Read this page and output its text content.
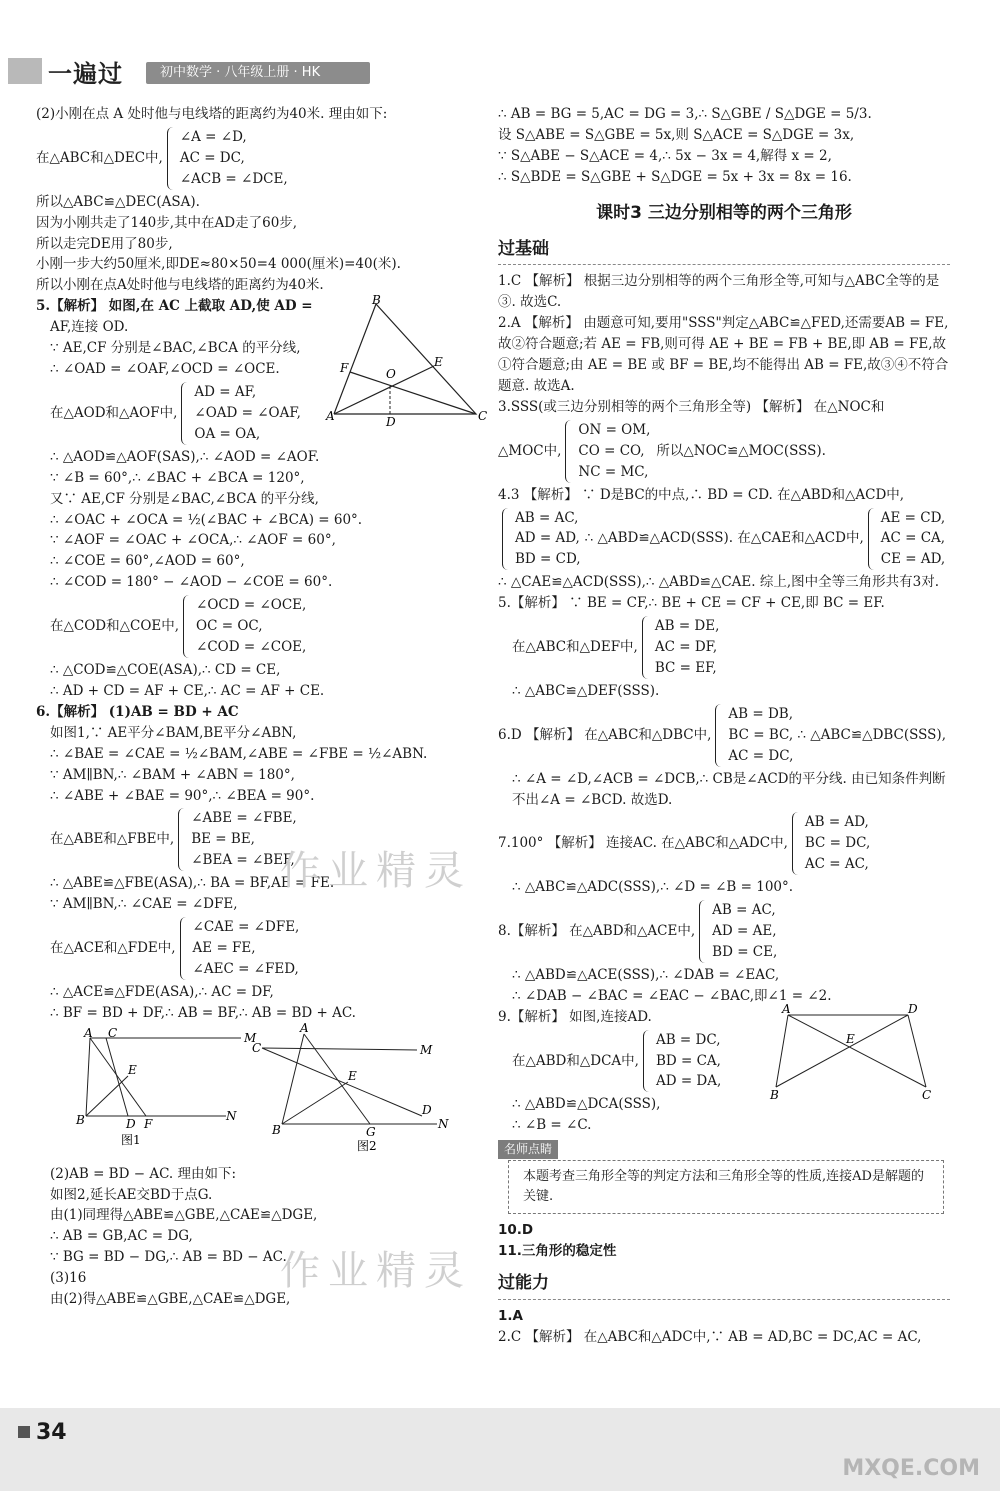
一遍过	初中数学 · 八年级上册 · HK
(2)小刚在点 A 处时他与电线塔的距离约为40米. 理由如下:
在△ABC和△DEC中,
∠A = ∠D,
AC = DC,
∠ACB = ∠DCE,
所以△ABC≌△DEC(ASA).
因为小刚共走了140步,其中在AD走了60步,
所以走完DE用了80步,
小刚一步大约50厘米,即DE≈80×50=4 000(厘米)=40(米).
所以小刚在点A处时他与电线塔的距离约为40米.
B
A	C
F	E
O
D
5.【解析】 如图,在 AC 上截取 AD,使 AD =
AF,连接 OD.
∵ AE,CF 分别是∠BAC,∠BCA 的平分线,
∴ ∠OAD = ∠OAF,∠OCD = ∠OCE.
在△AOD和△AOF中,
AD = AF,
∠OAD = ∠OAF,
OA = OA,
∴ △AOD≌△AOF(SAS),∴ ∠AOD = ∠AOF.
∵ ∠B = 60°,∴ ∠BAC + ∠BCA = 120°,
又∵ AE,CF 分别是∠BAC,∠BCA 的平分线,
∴ ∠OAC + ∠OCA = ½(∠BAC + ∠BCA) = 60°.
∵ ∠AOF = ∠OAC + ∠OCA,∴ ∠AOF = 60°,
∴ ∠COE = 60°,∠AOD = 60°,
∴ ∠COD = 180° − ∠AOD − ∠COE = 60°.
在△COD和△COE中,
∠OCD = ∠OCE,
OC = OC,
∠COD = ∠COE,
∴ △COD≌△COE(ASA),∴ CD = CE,
∴ AD + CD = AF + CE,∴ AC = AF + CE.
6.【解析】 (1)AB = BD + AC
如图1,∵ AE平分∠BAM,BE平分∠ABN,
∴ ∠BAE = ∠CAE = ½∠BAM,∠ABE = ∠FBE = ½∠ABN.
∵ AM∥BN,∴ ∠BAM + ∠ABN = 180°,
∴ ∠ABE + ∠BAE = 90°,∴ ∠BEA = 90°.
在△ABE和△FBE中,
∠ABE = ∠FBE,
BE = BE,
∠BEA = ∠BEF,
∴ △ABE≌△FBE(ASA),∴ BA = BF,AE = FE.
∵ AM∥BN,∴ ∠CAE = ∠DFE,
在△ACE和△FDE中,
∠CAE = ∠DFE,
AE = FE,
∠AEC = ∠FED,
∴ △ACE≌△FDE(ASA),∴ AC = DF,
∴ BF = BD + DF,∴ AB = BF,∴ AB = BD + AC.
A C	M
B
E
D F
N
图1
A
C	M
B
E
G
D
N
图2
(2)AB = BD − AC. 理由如下:
如图2,延长AE交BD于点G.
由(1)同理得△ABE≌△GBE,△CAE≌△DGE,
∴ AB = GB,AC = DG,
∵ BG = BD − DG,∴ AB = BD − AC.
(3)16
由(2)得△ABE≌△GBE,△CAE≌△DGE,
∴ AB = BG = 5,AC = DG = 3,∴ S△GBE / S△DGE = 5/3.
设 S△ABE = S△GBE = 5x,则 S△ACE = S△DGE = 3x,
∵ S△ABE − S△ACE = 4,∴ 5x − 3x = 4,解得 x = 2,
∴ S△BDE = S△GBE + S△DGE = 5x + 3x = 8x = 16.
课时3 三边分别相等的两个三角形
过基础
1.C 【解析】 根据三边分别相等的两个三角形全等,可知与△ABC全等的是③. 故选C.
2.A 【解析】 由题意可知,要用"SSS"判定△ABC≌△FED,还需要AB = FE,故②符合题意;若 AE = FB,则可得 AE + BE = FB + BE,即 AB = FE,故①符合题意;由 AE = BE 或 BF = BE,均不能得出 AB = FE,故③④不符合题意. 故选A.
3.SSS(或三边分别相等的两个三角形全等) 【解析】 在△NOC和
△MOC中,
ON = OM,
CO = CO,
NC = MC,
所以△NOC≌△MOC(SSS).
4.3 【解析】 ∵ D是BC的中点,∴ BD = CD. 在△ABD和△ACD中,
AB = AC,
AD = AD,
BD = CD,
∴ △ABD≌△ACD(SSS). 在△CAE和△ACD中,
AE = CD,
AC = CA,
CE = AD,
∴ △CAE≌△ACD(SSS),∴ △ABD≌△CAE. 综上,图中全等三角形共有3对.
5.【解析】 ∵ BE = CF,∴ BE + CE = CF + CE,即 BC = EF.
在△ABC和△DEF中,
AB = DE,
AC = DF,
BC = EF,
∴ △ABC≌△DEF(SSS).
6.D 【解析】 在△ABC和△DBC中,
AB = DB,
BC = BC,
AC = DC,
∴ △ABC≌△DBC(SSS),
∴ ∠A = ∠D,∠ACB = ∠DCB,∴ CB是∠ACD的平分线. 由已知条件判断不出∠A = ∠BCD. 故选D.
7.100° 【解析】 连接AC. 在△ABC和△ADC中,
AB = AD,
BC = DC,
AC = AC,
∴ △ABC≌△ADC(SSS),∴ ∠D = ∠B = 100°.
8.【解析】 在△ABD和△ACE中,
AB = AC,
AD = AE,
BD = CE,
∴ △ABD≌△ACE(SSS),∴ ∠DAB = ∠EAC,
∴ ∠DAB − ∠BAC = ∠EAC − ∠BAC,即∠1 = ∠2.
A	D
E
B	C
9.【解析】 如图,连接AD.
在△ABD和△DCA中,
AB = DC,
BD = CA,
AD = DA,
∴ △ABD≌△DCA(SSS),
∴ ∠B = ∠C.
名师点睛
本题考查三角形全等的判定方法和三角形全等的性质,连接AD是解题的关键.
10.D
11.三角形的稳定性
过能力
1.A
2.C 【解析】 在△ABC和△ADC中,∵ AB = AD,BC = DC,AC = AC,
作业精灵
作业精灵
34
MXQE.COM
